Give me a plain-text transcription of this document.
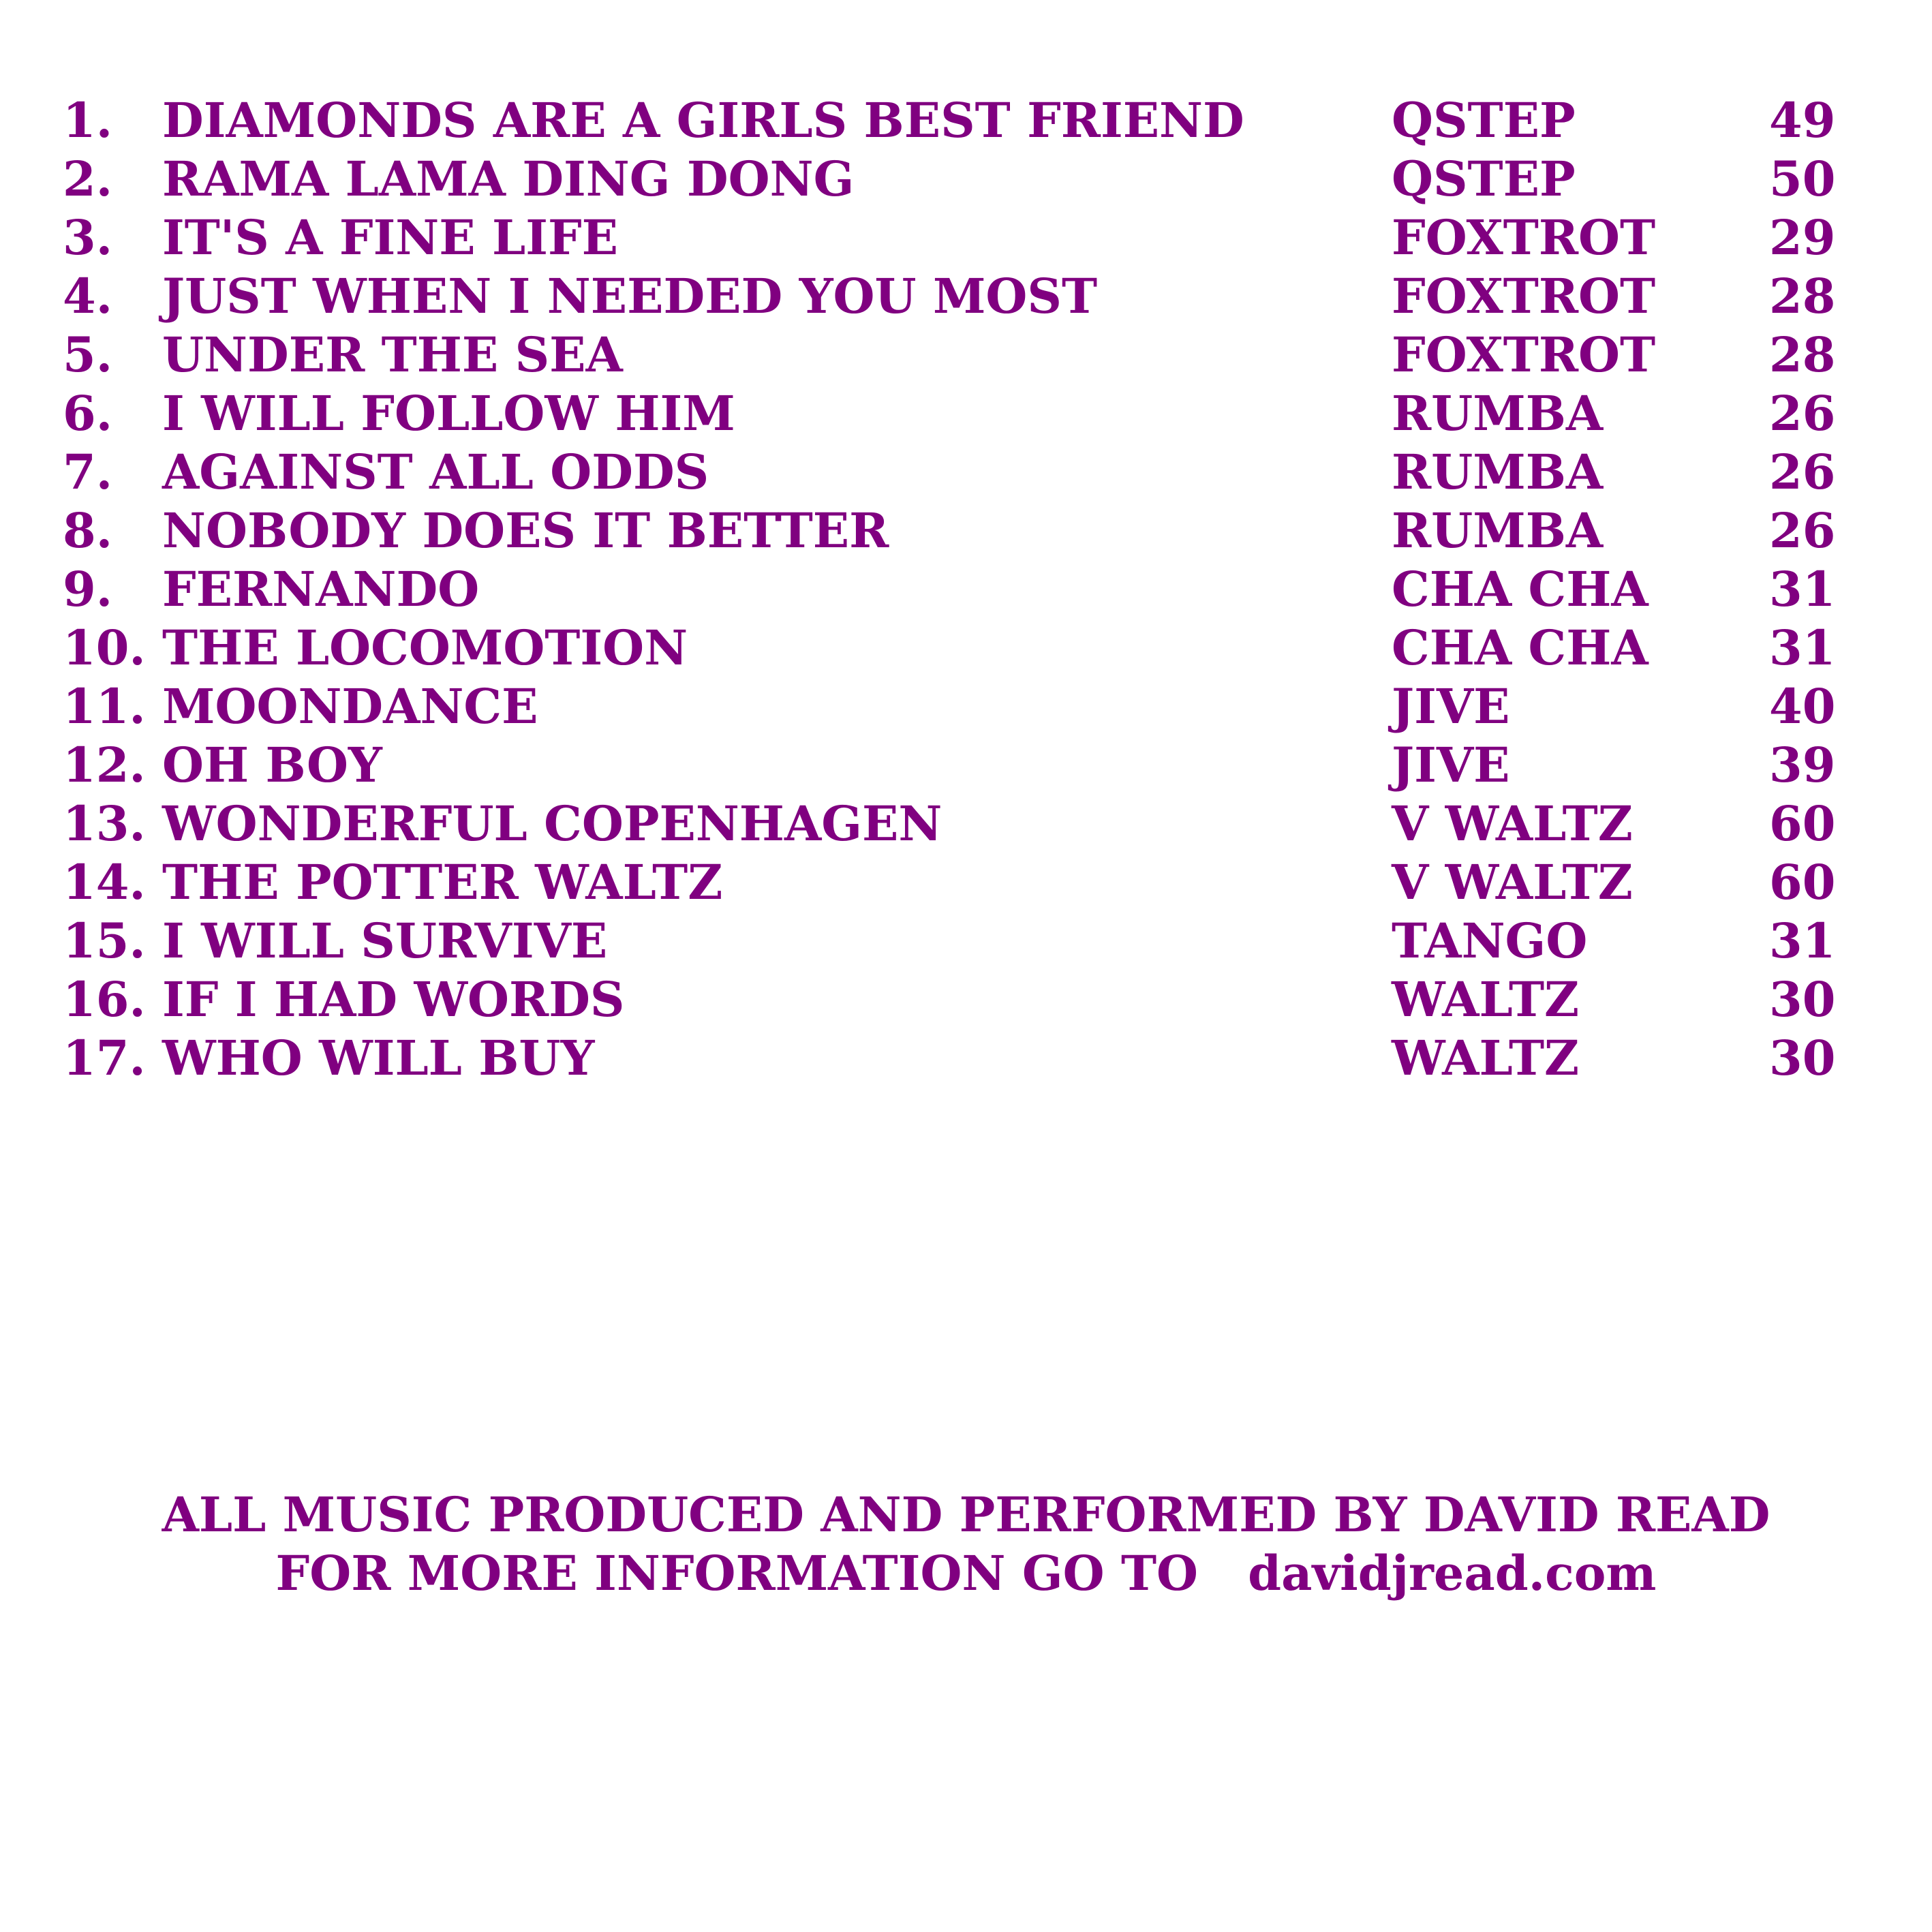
1. DIAMONDS ARE A GIRLS BEST FRIEND	QSTEP	49
2. RAMA LAMA DING DONG	QSTEP	50
3. IT'S A FINE LIFE	FOXTROT 29
4. JUST WHEN I NEEDED YOU MOST	FOXTROT 28
5. UNDER THE SEA	FOXTROT 28
6. I WILL FOLLOW HIM	RUMBA	26
7. AGAINST ALL ODDS	RUMBA	26
8. NOBODY DOES IT BETTER	RUMBA	26
9. FERNANDO	CHA CHA	31
10. THE LOCOMOTION	CHA CHA	31
11. MOONDANCE	JIVE	40
12. OH BOY	JIVE	39
13. WONDERFUL COPENHAGEN	V WALTZ	60
14. THE POTTER WALTZ	V WALTZ	60
15. I WILL SURVIVE	TANGO	31
16. IF I HAD WORDS	WALTZ	30
17. WHO WILL BUY	WALTZ	30
ALL MUSIC PRODUCED AND PERFORMED BY DAVID READ
FOR MORE INFORMATION GO TO   davidjread.com
